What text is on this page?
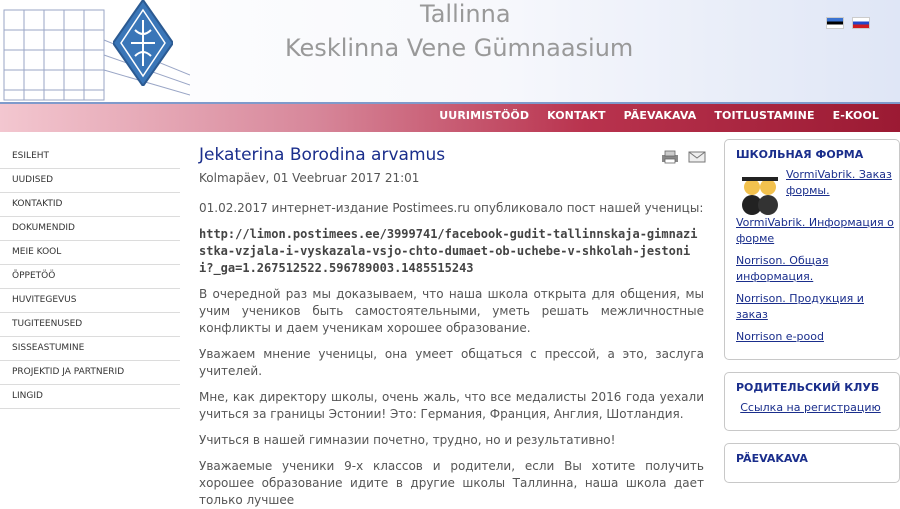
Tallinna
Kesklinna Vene Gümnaasium
UURIMISTÖÖD	KONTAKT	PÄEVAKAVA	TOITLUSTAMINE	E-KOOL
ESILEHT
UUDISED
KONTAKTID
DOKUMENDID
MEIE KOOL
ÕPPETÖÖ
HUVITEGEVUS
TUGITEENUSED
SISSEASTUMINE
PROJEKTID JA PARTNERID
LINGID
Jekaterina Borodina arvamus
Kolmapäev, 01 Veebruar 2017 21:01
01.02.2017 интернет-издание Postimees.ru опубликовало пост нашей ученицы:
http://limon.postimees.ee/3999741/facebook-gudit-tallinnskaja-gimnazistka-vzjala-i-vyskazala-vsjo-chto-dumaet-ob-uchebe-v-shkolah-jestonii?_ga=1.267512522.596789003.1485515243
В очередной раз мы доказываем, что наша школа открыта для общения, мы учим учеников быть самостоятельными, уметь решать межличностные конфликты и даем ученикам хорошее образование.
Уважаем мнение ученицы, она умеет общаться с прессой, а это, заслуга учителей.
Мне, как директору школы, очень жаль, что все медалисты 2016 года уехали учиться за границы Эстонии! Это: Германия, Франция, Англия, Шотландия.
Учиться в нашей гимназии почетно, трудно, но и результативно!
Уважаемые ученики 9-х классов и родители, если Вы хотите получить хорошее образование идите в другие школы Таллинна, наша школа дает только лучшее

ШКОЛЬНАЯ ФОРМА
VormiVabrik. Заказ формы.
VormiVabrik. Информация о форме
Norrison. Общая информация.
Norrison. Продукция и заказ
Norrison e-pood
РОДИТЕЛЬСКИЙ КЛУБ
Ссылка на регистрацию
PÄEVAKAVA
